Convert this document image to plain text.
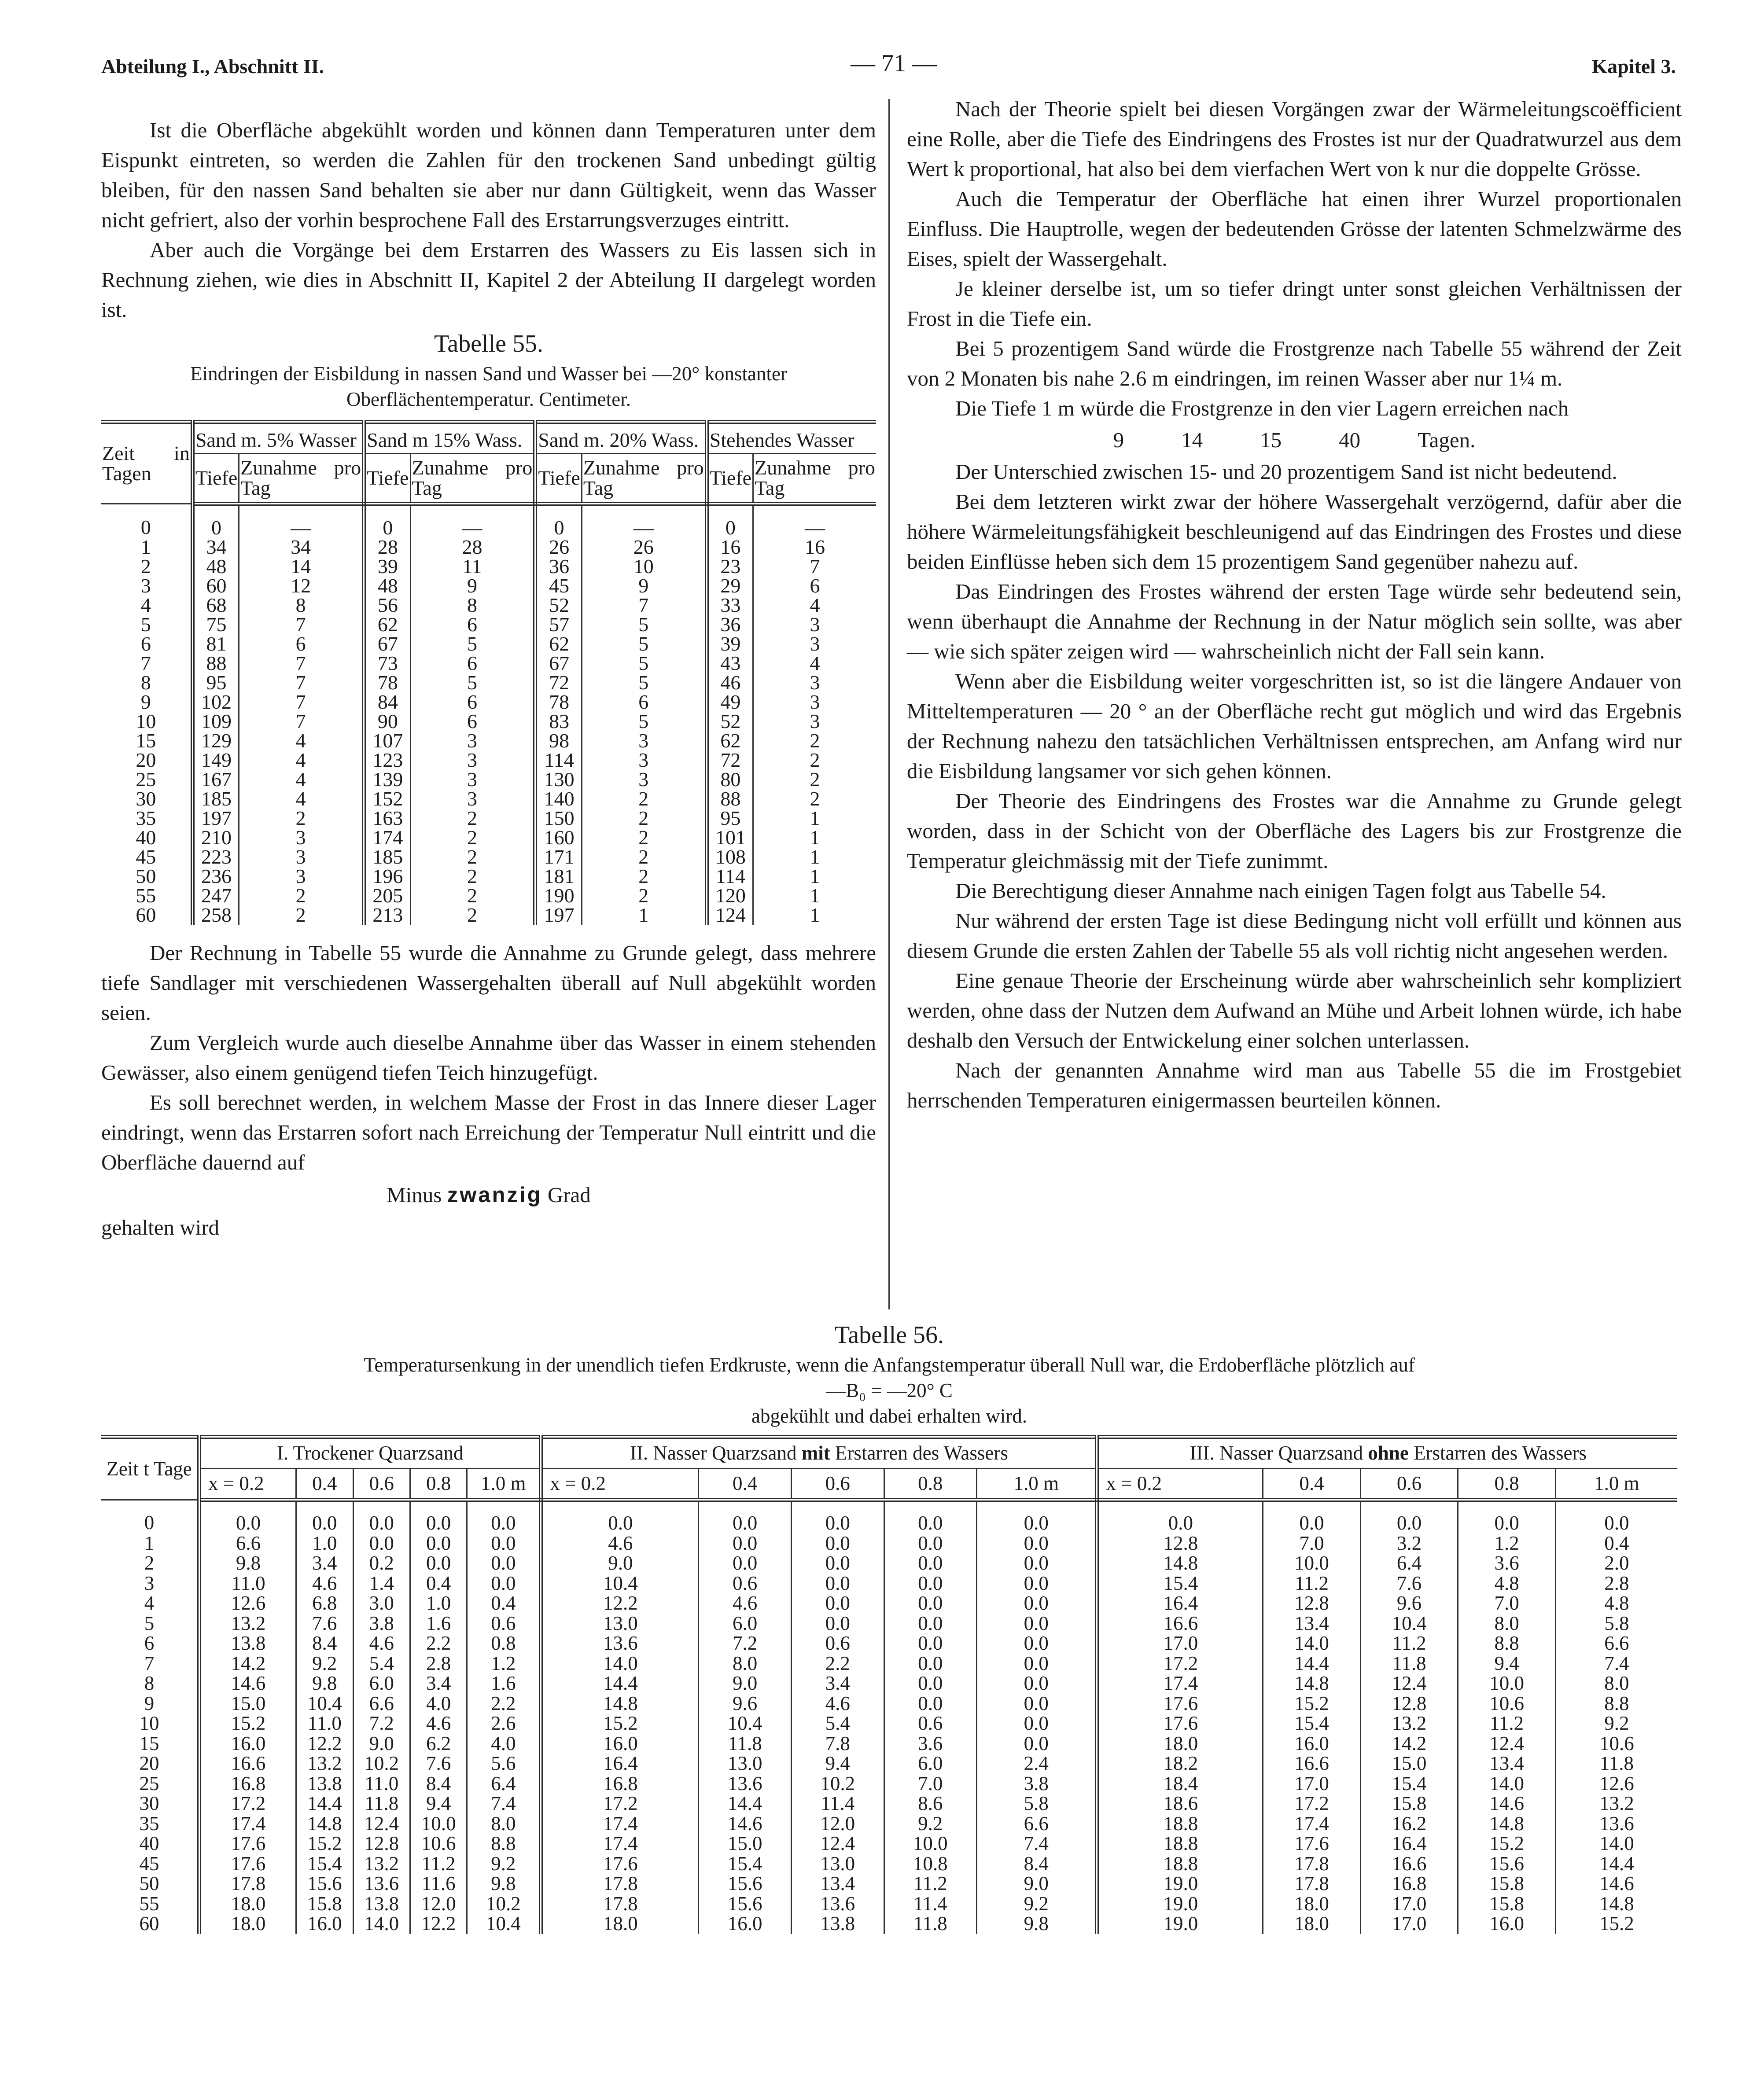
Abteilung I., Abschnitt II.	— 71 —	Kapitel 3.

Ist die Oberfläche abgekühlt worden und können dann Temperaturen unter dem Eispunkt eintreten, so werden die Zahlen für den trockenen Sand unbedingt gültig bleiben, für den nassen Sand behalten sie aber nur dann Gültigkeit, wenn das Wasser nicht gefriert, also der vorhin besprochene Fall des Erstarrungsverzuges eintritt.

Aber auch die Vorgänge bei dem Erstarren des Wassers zu Eis lassen sich in Rechnung ziehen, wie dies in Abschnitt II, Kapitel 2 der Abteilung II dargelegt worden ist.

Tabelle 55.

Eindringen der Eisbildung in nassen Sand und Wasser bei —20° konstanter
Oberflächentemperatur. Centimeter.

Zeit in Tagen	Sand m. 5% Wasser		Sand m 15% Wass.		Sand m. 20% Wass.		Stehendes Wasser	
	Tiefe	Zunahme pro Tag	Tiefe	Zunahme pro Tag	Tiefe	Zunahme pro Tag	Tiefe	Zunahme pro Tag
0	0	—	0	—	0	—	0	—
1	34	34	28	28	26	26	16	16
2	48	14	39	11	36	10	23	7
3	60	12	48	9	45	9	29	6
4	68	8	56	8	52	7	33	4
5	75	7	62	6	57	5	36	3
6	81	6	67	5	62	5	39	3
7	88	7	73	6	67	5	43	4
8	95	7	78	5	72	5	46	3
9	102	7	84	6	78	6	49	3
10	109	7	90	6	83	5	52	3
15	129	4	107	3	98	3	62	2
20	149	4	123	3	114	3	72	2
25	167	4	139	3	130	3	80	2
30	185	4	152	3	140	2	88	2
35	197	2	163	2	150	2	95	1
40	210	3	174	2	160	2	101	1
45	223	3	185	2	171	2	108	1
50	236	3	196	2	181	2	114	1
55	247	2	205	2	190	2	120	1
60	258	2	213	2	197	1	124	1

Der Rechnung in Tabelle 55 wurde die Annahme zu Grunde gelegt, dass mehrere tiefe Sandlager mit verschiedenen Wassergehalten überall auf Null abgekühlt worden seien.

Zum Vergleich wurde auch dieselbe Annahme über das Wasser in einem stehenden Gewässer, also einem genügend tiefen Teich hinzugefügt.

Es soll berechnet werden, in welchem Masse der Frost in das Innere dieser Lager eindringt, wenn das Erstarren sofort nach Erreichung der Temperatur Null eintritt und die Oberfläche dauernd auf

Minus zwanzig Grad

gehalten wird

Nach der Theorie spielt bei diesen Vorgängen zwar der Wärmeleitungscoëfficient eine Rolle, aber die Tiefe des Eindringens des Frostes ist nur der Quadratwurzel aus dem Wert k proportional, hat also bei dem vierfachen Wert von k nur die doppelte Grösse.

Auch die Temperatur der Oberfläche hat einen ihrer Wurzel proportionalen Einfluss. Die Hauptrolle, wegen der bedeutenden Grösse der latenten Schmelzwärme des Eises, spielt der Wassergehalt.

Je kleiner derselbe ist, um so tiefer dringt unter sonst gleichen Verhältnissen der Frost in die Tiefe ein.

Bei 5 prozentigem Sand würde die Frostgrenze nach Tabelle 55 während der Zeit von 2 Monaten bis nahe 2.6 m eindringen, im reinen Wasser aber nur 1¼ m.

Die Tiefe 1 m würde die Frostgrenze in den vier Lagern erreichen nach

9	14	15	40	Tagen.

Der Unterschied zwischen 15- und 20 prozentigem Sand ist nicht bedeutend.

Bei dem letzteren wirkt zwar der höhere Wassergehalt verzögernd, dafür aber die höhere Wärmeleitungsfähigkeit beschleunigend auf das Eindringen des Frostes und diese beiden Einflüsse heben sich dem 15 prozentigem Sand gegenüber nahezu auf.

Das Eindringen des Frostes während der ersten Tage würde sehr bedeutend sein, wenn überhaupt die Annahme der Rechnung in der Natur möglich sein sollte, was aber — wie sich später zeigen wird — wahrscheinlich nicht der Fall sein kann.

Wenn aber die Eisbildung weiter vorgeschritten ist, so ist die längere Andauer von Mitteltemperaturen — 20 ° an der Oberfläche recht gut möglich und wird das Ergebnis der Rechnung nahezu den tatsächlichen Verhältnissen entsprechen, am Anfang wird nur die Eisbildung langsamer vor sich gehen können.

Der Theorie des Eindringens des Frostes war die Annahme zu Grunde gelegt worden, dass in der Schicht von der Oberfläche des Lagers bis zur Frostgrenze die Temperatur gleichmässig mit der Tiefe zunimmt.

Die Berechtigung dieser Annahme nach einigen Tagen folgt aus Tabelle 54.

Nur während der ersten Tage ist diese Bedingung nicht voll erfüllt und können aus diesem Grunde die ersten Zahlen der Tabelle 55 als voll richtig nicht angesehen werden.

Eine genaue Theorie der Erscheinung würde aber wahrscheinlich sehr kompliziert werden, ohne dass der Nutzen dem Aufwand an Mühe und Arbeit lohnen würde, ich habe deshalb den Versuch der Entwickelung einer solchen unterlassen.

Nach der genannten Annahme wird man aus Tabelle 55 die im Frostgebiet herrschenden Temperaturen einigermassen beurteilen können.

Tabelle 56.
Temperatursenkung in der unendlich tiefen Erdkruste, wenn die Anfangstemperatur überall Null war, die Erdoberfläche plötzlich auf
—B₀ = —20° C
abgekühlt und dabei erhalten wird.
Zeit t Tage	I. Trockener Quarzsand					II. Nasser Quarzsand mit Erstarren des Wassers					III. Nasser Quarzsand ohne Erstarren des Wassers				
	x = 0.2	0.4	0.6	0.8	1.0 m	x = 0.2	0.4	0.6	0.8	1.0 m	x = 0.2	0.4	0.6	0.8	1.0 m
0	0.0	0.0	0.0	0.0	0.0	0.0	0.0	0.0	0.0	0.0	0.0	0.0	0.0	0.0	0.0
1	6.6	1.0	0.0	0.0	0.0	4.6	0.0	0.0	0.0	0.0	12.8	7.0	3.2	1.2	0.4
2	9.8	3.4	0.2	0.0	0.0	9.0	0.0	0.0	0.0	0.0	14.8	10.0	6.4	3.6	2.0
3	11.0	4.6	1.4	0.4	0.0	10.4	0.6	0.0	0.0	0.0	15.4	11.2	7.6	4.8	2.8
4	12.6	6.8	3.0	1.0	0.4	12.2	4.6	0.0	0.0	0.0	16.4	12.8	9.6	7.0	4.8
5	13.2	7.6	3.8	1.6	0.6	13.0	6.0	0.0	0.0	0.0	16.6	13.4	10.4	8.0	5.8
6	13.8	8.4	4.6	2.2	0.8	13.6	7.2	0.6	0.0	0.0	17.0	14.0	11.2	8.8	6.6
7	14.2	9.2	5.4	2.8	1.2	14.0	8.0	2.2	0.0	0.0	17.2	14.4	11.8	9.4	7.4
8	14.6	9.8	6.0	3.4	1.6	14.4	9.0	3.4	0.0	0.0	17.4	14.8	12.4	10.0	8.0
9	15.0	10.4	6.6	4.0	2.2	14.8	9.6	4.6	0.0	0.0	17.6	15.2	12.8	10.6	8.8
10	15.2	11.0	7.2	4.6	2.6	15.2	10.4	5.4	0.6	0.0	17.6	15.4	13.2	11.2	9.2
15	16.0	12.2	9.0	6.2	4.0	16.0	11.8	7.8	3.6	0.0	18.0	16.0	14.2	12.4	10.6
20	16.6	13.2	10.2	7.6	5.6	16.4	13.0	9.4	6.0	2.4	18.2	16.6	15.0	13.4	11.8
25	16.8	13.8	11.0	8.4	6.4	16.8	13.6	10.2	7.0	3.8	18.4	17.0	15.4	14.0	12.6
30	17.2	14.4	11.8	9.4	7.4	17.2	14.4	11.4	8.6	5.8	18.6	17.2	15.8	14.6	13.2
35	17.4	14.8	12.4	10.0	8.0	17.4	14.6	12.0	9.2	6.6	18.8	17.4	16.2	14.8	13.6
40	17.6	15.2	12.8	10.6	8.8	17.4	15.0	12.4	10.0	7.4	18.8	17.6	16.4	15.2	14.0
45	17.6	15.4	13.2	11.2	9.2	17.6	15.4	13.0	10.8	8.4	18.8	17.8	16.6	15.6	14.4
50	17.8	15.6	13.6	11.6	9.8	17.8	15.6	13.4	11.2	9.0	19.0	17.8	16.8	15.8	14.6
55	18.0	15.8	13.8	12.0	10.2	17.8	15.6	13.6	11.4	9.2	19.0	18.0	17.0	15.8	14.8
60	18.0	16.0	14.0	12.2	10.4	18.0	16.0	13.8	11.8	9.8	19.0	18.0	17.0	16.0	15.2
